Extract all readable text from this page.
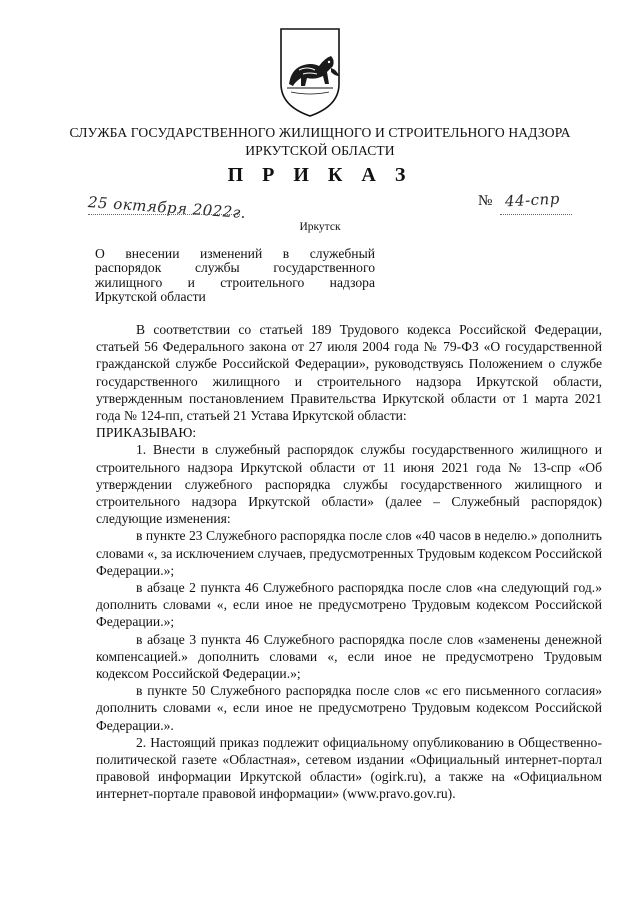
СЛУЖБА ГОСУДАРСТВЕННОГО ЖИЛИЩНОГО И СТРОИТЕЛЬНОГО НАДЗОРА
ИРКУТСКОЙ ОБЛАСТИ
П Р И К А З
25 октября 2022г.	№ 44-спр
Иркутск
О внесении изменений в служебный
распорядок службы государственного
жилищного и строительного надзора
Иркутской области

В соответствии со статьей 189 Трудового кодекса Российской Федерации, статьей 56 Федерального закона от 27 июля 2004 года № 79-ФЗ «О государственной гражданской службе Российской Федерации», руководствуясь Положением о службе государственного жилищного и строительного надзора Иркутской области, утвержденным постановлением Правительства Иркутской области от 1 марта 2021 года № 124-пп, статьей 21 Устава Иркутской области:

ПРИКАЗЫВАЮ:

1. Внести в служебный распорядок службы государственного жилищного и строительного надзора Иркутской области от 11 июня 2021 года № 13-спр «Об утверждении служебного распорядка службы государственного жилищного и строительного надзора Иркутской области» (далее – Служебный распорядок) следующие изменения:

в пункте 23 Служебного распорядка после слов «40 часов в неделю.» дополнить словами «, за исключением случаев, предусмотренных Трудовым кодексом Российской Федерации.»;

в абзаце 2 пункта 46 Служебного распорядка после слов «на следующий год.» дополнить словами «, если иное не предусмотрено Трудовым кодексом Российской Федерации.»;

в абзаце 3 пункта 46 Служебного распорядка после слов «заменены денежной компенсацией.» дополнить словами «, если иное не предусмотрено Трудовым кодексом Российской Федерации.»;

в пункте 50 Служебного распорядка после слов «с его письменного согласия» дополнить словами «, если иное не предусмотрено Трудовым кодексом Российской Федерации.».

2. Настоящий приказ подлежит официальному опубликованию в Общественно-политической газете «Областная», сетевом издании «Официальный интернет-портал правовой информации Иркутской области» (ogirk.ru), а также на «Официальном интернет-портале правовой информации» (www.pravo.gov.ru).
